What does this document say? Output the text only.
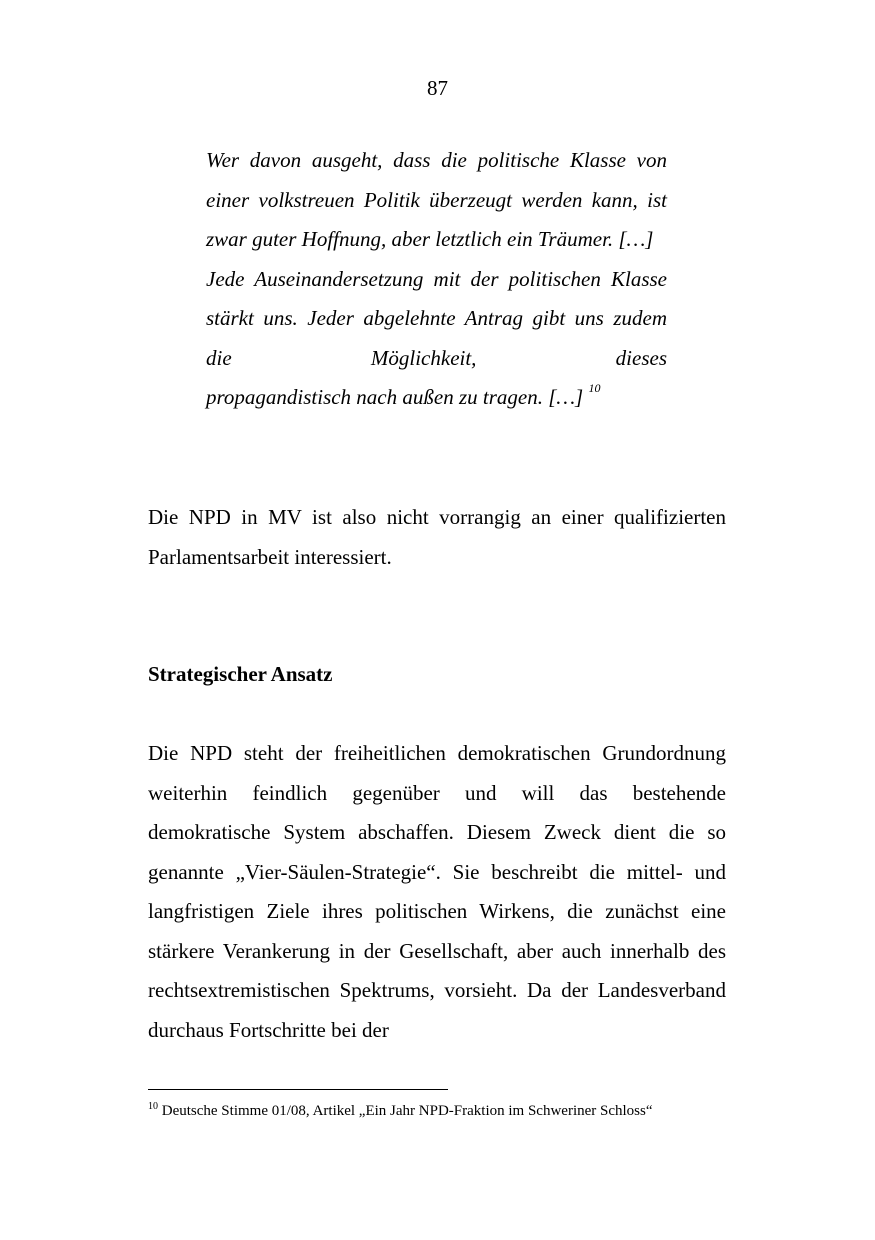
87

Wer davon ausgeht, dass die politische Klasse von einer volkstreuen Politik überzeugt werden kann, ist zwar guter Hoffnung, aber letztlich ein Träumer. […]

Jede Auseinandersetzung mit der politischen Klasse stärkt uns. Jeder abgelehnte Antrag gibt uns zudem die Möglichkeit, dieses

propagandistisch nach außen zu tragen. […] $^{10}$

Die NPD in MV ist also nicht vorrangig an einer qualifizierten Parlamentsarbeit interessiert.

Strategischer Ansatz

Die NPD steht der freiheitlichen demokratischen Grundordnung weiterhin feindlich gegenüber und will das bestehende demokratische System abschaffen. Diesem Zweck dient die so genannte „Vier-Säulen-Strategie“. Sie beschreibt die mittel- und langfristigen Ziele ihres politischen Wirkens, die zunächst eine stärkere Verankerung in der Gesellschaft, aber auch innerhalb des rechtsextremistischen Spektrums, vorsieht. Da der Landesverband durchaus Fortschritte bei der

$^{10}$ Deutsche Stimme 01/08, Artikel „Ein Jahr NPD-Fraktion im Schweriner Schloss“
